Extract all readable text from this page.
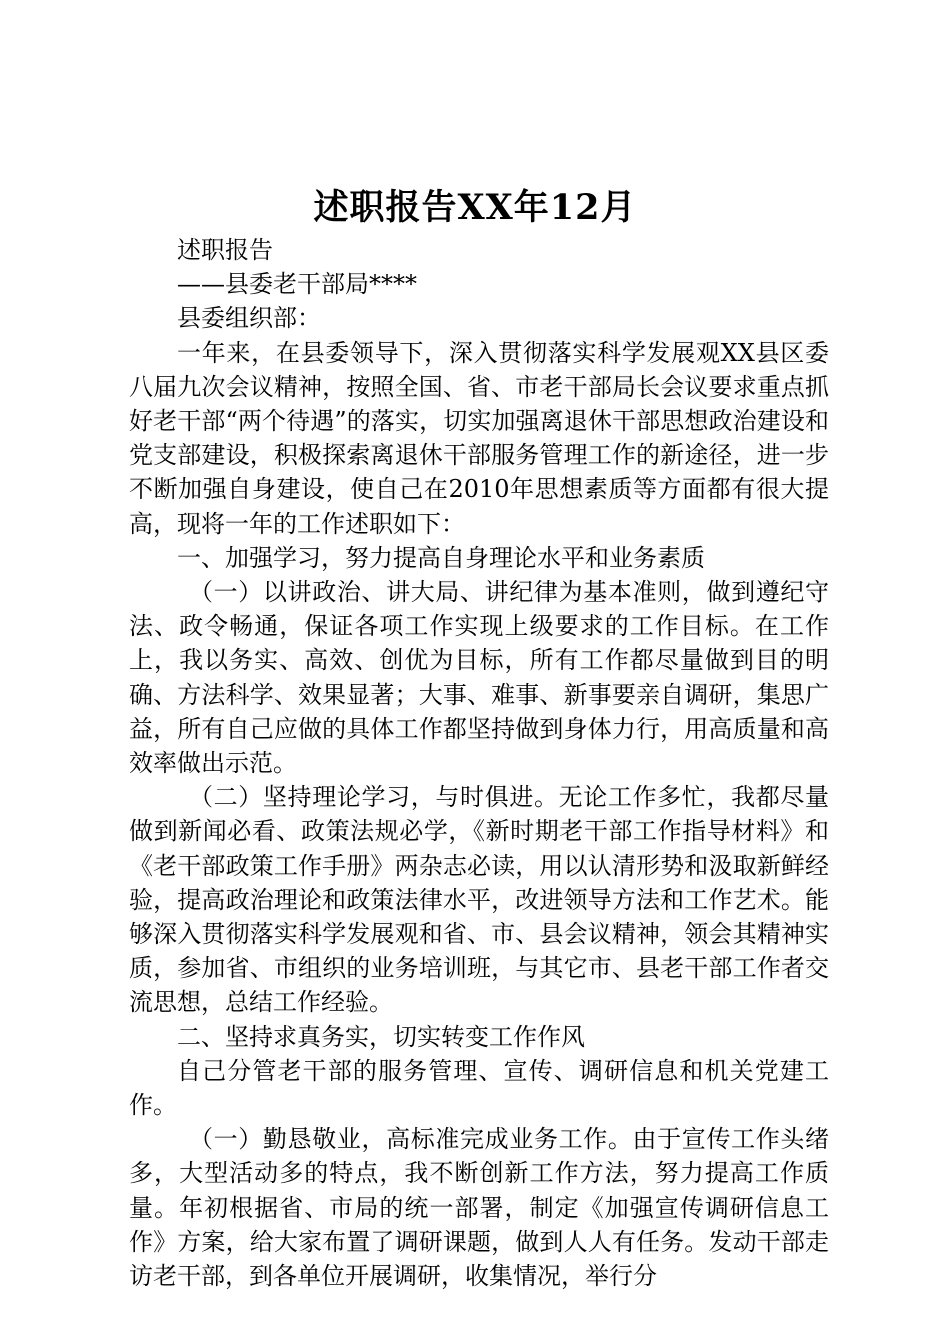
述职报告XX年12月

述职报告

——县委老干部局****

县委组织部：

一年来，在县委领导下，深入贯彻落实科学发展观XX县区委八届九次会议精神，按照全国、省、市老干部局长会议要求重点抓好老干部“两个待遇”的落实，切实加强离退休干部思想政治建设和党支部建设，积极探索离退休干部服务管理工作的新途径，进一步不断加强自身建设，使自己在2010年思想素质等方面都有很大提高，现将一年的工作述职如下：

一、加强学习，努力提高自身理论水平和业务素质

（一）以讲政治、讲大局、讲纪律为基本准则，做到遵纪守法、政令畅通，保证各项工作实现上级要求的工作目标。在工作上，我以务实、高效、创优为目标，所有工作都尽量做到目的明确、方法科学、效果显著；大事、难事、新事要亲自调研，集思广益，所有自己应做的具体工作都坚持做到身体力行，用高质量和高效率做出示范。

（二）坚持理论学习，与时俱进。无论工作多忙，我都尽量做到新闻必看、政策法规必学，《新时期老干部工作指导材料》和《老干部政策工作手册》两杂志必读，用以认清形势和汲取新鲜经验，提高政治理论和政策法律水平，改进领导方法和工作艺术。能够深入贯彻落实科学发展观和省、市、县会议精神，领会其精神实质，参加省、市组织的业务培训班，与其它市、县老干部工作者交流思想，总结工作经验。

二、坚持求真务实，切实转变工作作风

自己分管老干部的服务管理、宣传、调研信息和机关党建工作。

（一）勤恳敬业，高标准完成业务工作。由于宣传工作头绪多，大型活动多的特点，我不断创新工作方法，努力提高工作质量。年初根据省、市局的统一部署，制定《加强宣传调研信息工作》方案，给大家布置了调研课题，做到人人有任务。发动干部走访老干部，到各单位开展调研，收集情况，举行分
